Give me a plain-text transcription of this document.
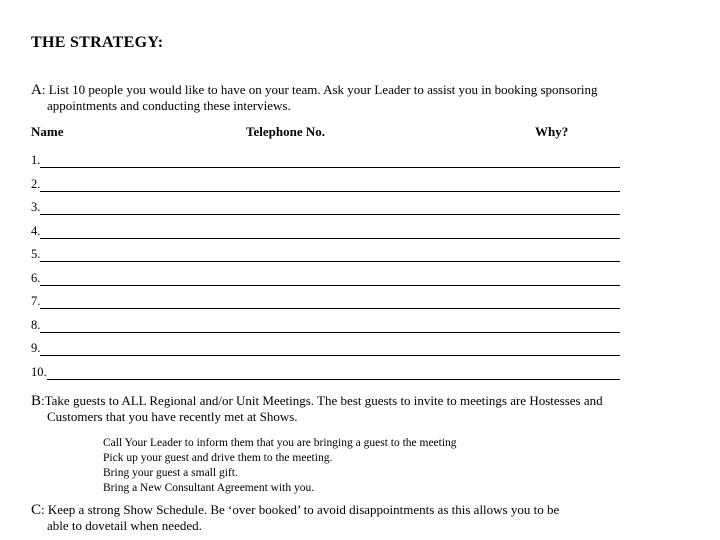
THE STRATEGY:
A: List 10 people you would like to have on your team. Ask your Leader to assist you in booking sponsoring
appointments and conducting these interviews.
Name	Telephone No.	Why?
1.
2.
3.
4.
5.
6.
7.
8.
9.
10.
B:Take guests to ALL Regional and/or Unit Meetings. The best guests to invite to meetings are Hostesses and
Customers that you have recently met at Shows.
Call Your Leader to inform them that you are bringing a guest to the meeting
Pick up your guest and drive them to the meeting.
Bring your guest a small gift.
Bring a New Consultant Agreement with you.
C: Keep a strong Show Schedule. Be ‘over booked’ to avoid disappointments as this allows you to be
able to dovetail when needed.
